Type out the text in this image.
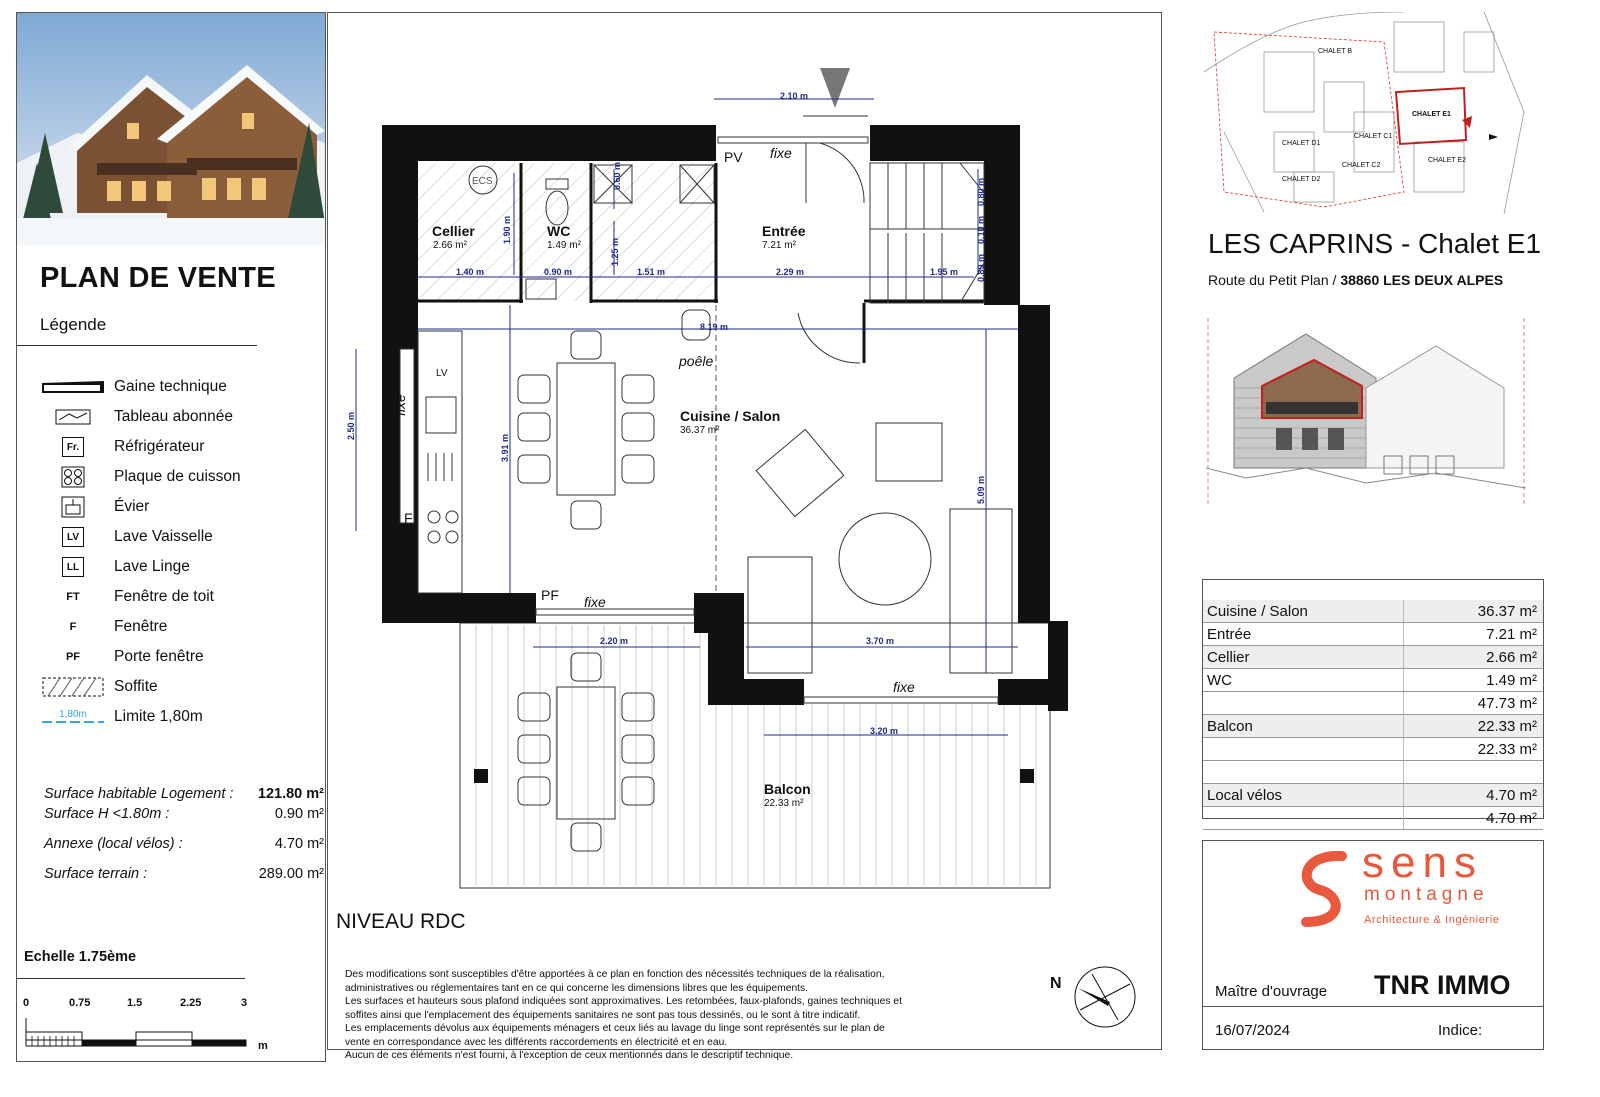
PLAN DE VENTE
Légende
Gaine technique
Tableau abonnée
Fr.	Réfrigérateur
Plaque de cuisson
Évier
LV	Lave Vaisselle
LL	Lave Linge
FT Fenêtre de toit
F Fenêtre
PF Porte fenêtre
Soffite
1,80m Limite 1,80m
Surface habitable Logement : 121.80 m²
Surface H <1.80m :	0.90 m²
Annexe (local vélos) :	4.70 m²
Surface terrain :	289.00 m²
Echelle 1.75ème
0	0.75	1.5	2.25	3
m
Cellier
2.66 m²
WC
1.49 m²
Entrée
7.21 m²
Cuisine / Salon
36.37 m²
Balcon
22.33 m²
ECS
PV fixe
poêle
fixe
LV
F
PF fixe
PF	fixe
2.10 m
1.40 m	0.90 m	1.51 m	2.29 m	1.95 m
8.19 m
2.50 m
3.91 m
5.09 m
1.90 m
1.25 m
0.60 m
0.89 m
0.80 m
0.10 m
2.20 m	3.70 m
3.20 m
NIVEAU RDC
Des modifications sont susceptibles d'être apportées à ce plan en fonction des nécessités techniques de la réalisation,
administratives ou réglementaires tant en ce qui concerne les dimensions libres que les équipements.
Les surfaces et hauteurs sous plafond indiquées sont approximatives. Les retombées, faux-plafonds, gaines techniques et
soffites ainsi que l'emplacement des équipements sanitaires ne sont pas tous dessinés, ou le sont à titre indicatif.
Les emplacements dévolus aux équipements ménagers et ceux liés au lavage du linge sont représentés sur le plan de
vente en correspondance avec les différents raccordements en électricité et en eau.
Aucun de ces éléments n'est fourni, à l'exception de ceux mentionnés dans le descriptif technique.
N
CHALET B
CHALET E1
CHALET D1
CHALET C1
CHALET C2
CHALET E2
CHALET D2
LES CAPRINS - Chalet E1
Route du Petit Plan / 38860 LES DEUX ALPES
Cuisine / Salon	36.37 m²
Entrée	7.21 m²
Cellier	2.66 m²
WC	1.49 m²
47.73 m²
Balcon	22.33 m²
22.33 m²
Local vélos	4.70 m²
4.70 m²
sens
montagne
Architecture & Ingénierie
Maître d'ouvrage TNR IMMO
16/07/2024	Indice:
